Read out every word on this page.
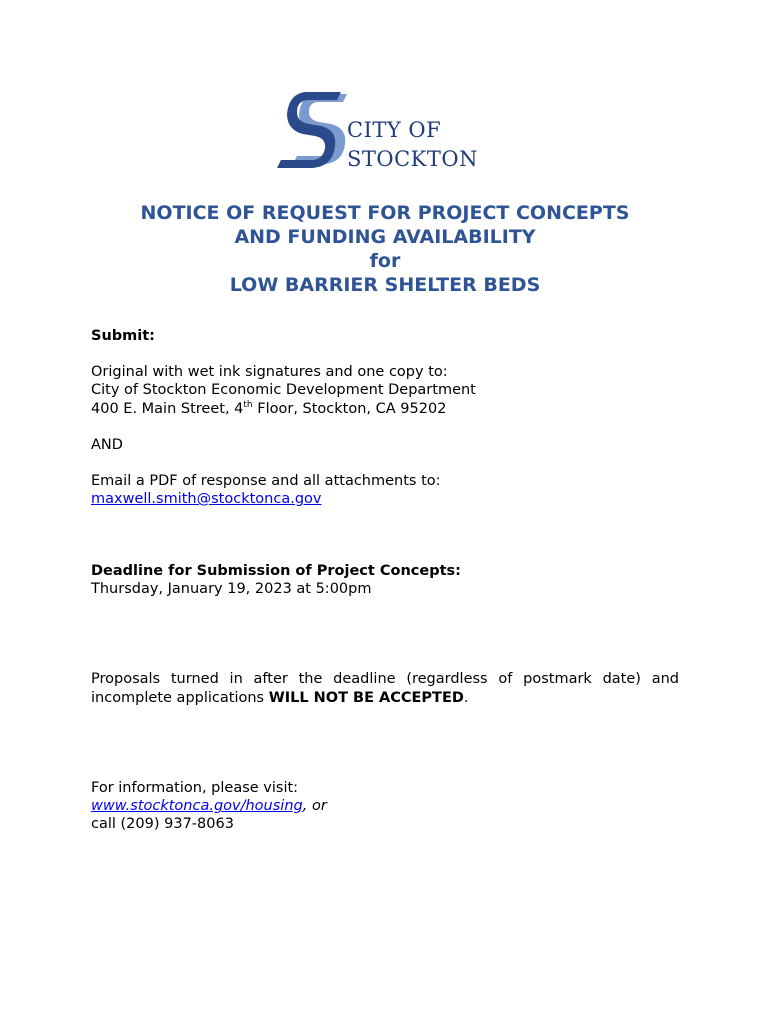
CITY OF
STOCKTON
NOTICE OF REQUEST FOR PROJECT CONCEPTS
AND FUNDING AVAILABILITY
for
LOW BARRIER SHELTER BEDS
Submit:
Original with wet ink signatures and one copy to:
City of Stockton Economic Development Department
400 E. Main Street, 4th Floor, Stockton, CA 95202
AND
Email a PDF of response and all attachments to:
maxwell.smith@stocktonca.gov
Deadline for Submission of Project Concepts:
Thursday, January 19, 2023 at 5:00pm
Proposals turned in after the deadline (regardless of postmark date) and
incomplete applications WILL NOT BE ACCEPTED.
For information, please visit:
www.stocktonca.gov/housing, or
call (209) 937-8063
